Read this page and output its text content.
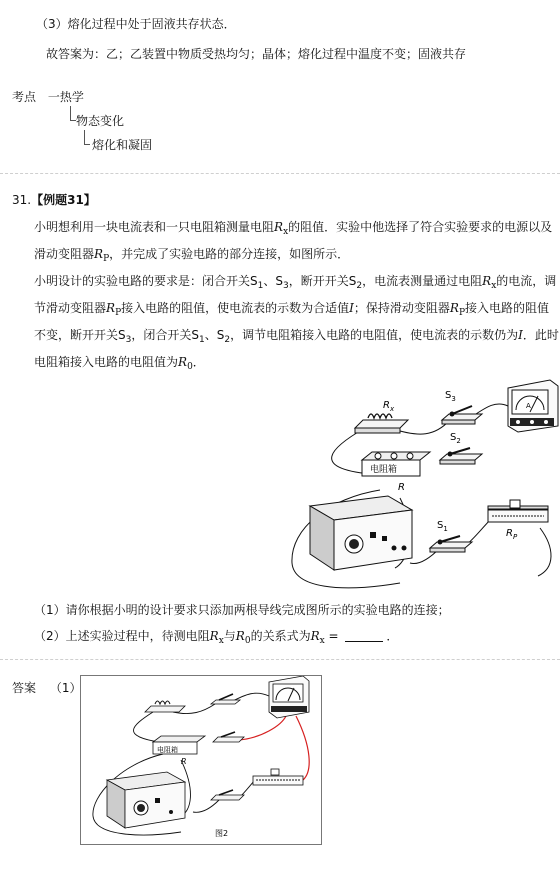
（3）熔化过程中处于固液共存状态．
故答案为：乙；乙装置中物质受热均匀；晶体；熔化过程中温度不变；固液共存
考点 一热学
物态变化
熔化和凝固
31.【例题31】
小明想利用一块电流表和一只电阻箱测量电阻$R_x$的阻值．实验中他选择了符合实验要求的电源以及
滑动变阻器$R_P$，并完成了实验电路的部分连接，如图所示．
小明设计的实验电路的要求是：闭合开关$S_1$、$S_3$，断开开关$S_2$，电流表测量通过电阻$R_x$的电流，调
节滑动变阻器$R_P$接入电路的阻值，使电流表的示数为合适值I；保持滑动变阻器$R_P$接入电路的阻值
不变，断开开关$S_3$，闭合开关$S_1$、$S_2$，调节电阻箱接入电路的电阻值，使电流表的示数仍为I．此时
电阻箱接入电路的电阻值为$R_0$．
$R_x$
$S_3$
A
$S_2$
电阻箱
R
$S_1$	$R_P$
（1）请你根据小明的设计要求只添加两根导线完成图所示的实验电路的连接；
（2）上述实验过程中，待测电阻$R_x$与$R_0$的关系式为$R_x$ =	．
答案 （1）
电阻箱
R
图2
